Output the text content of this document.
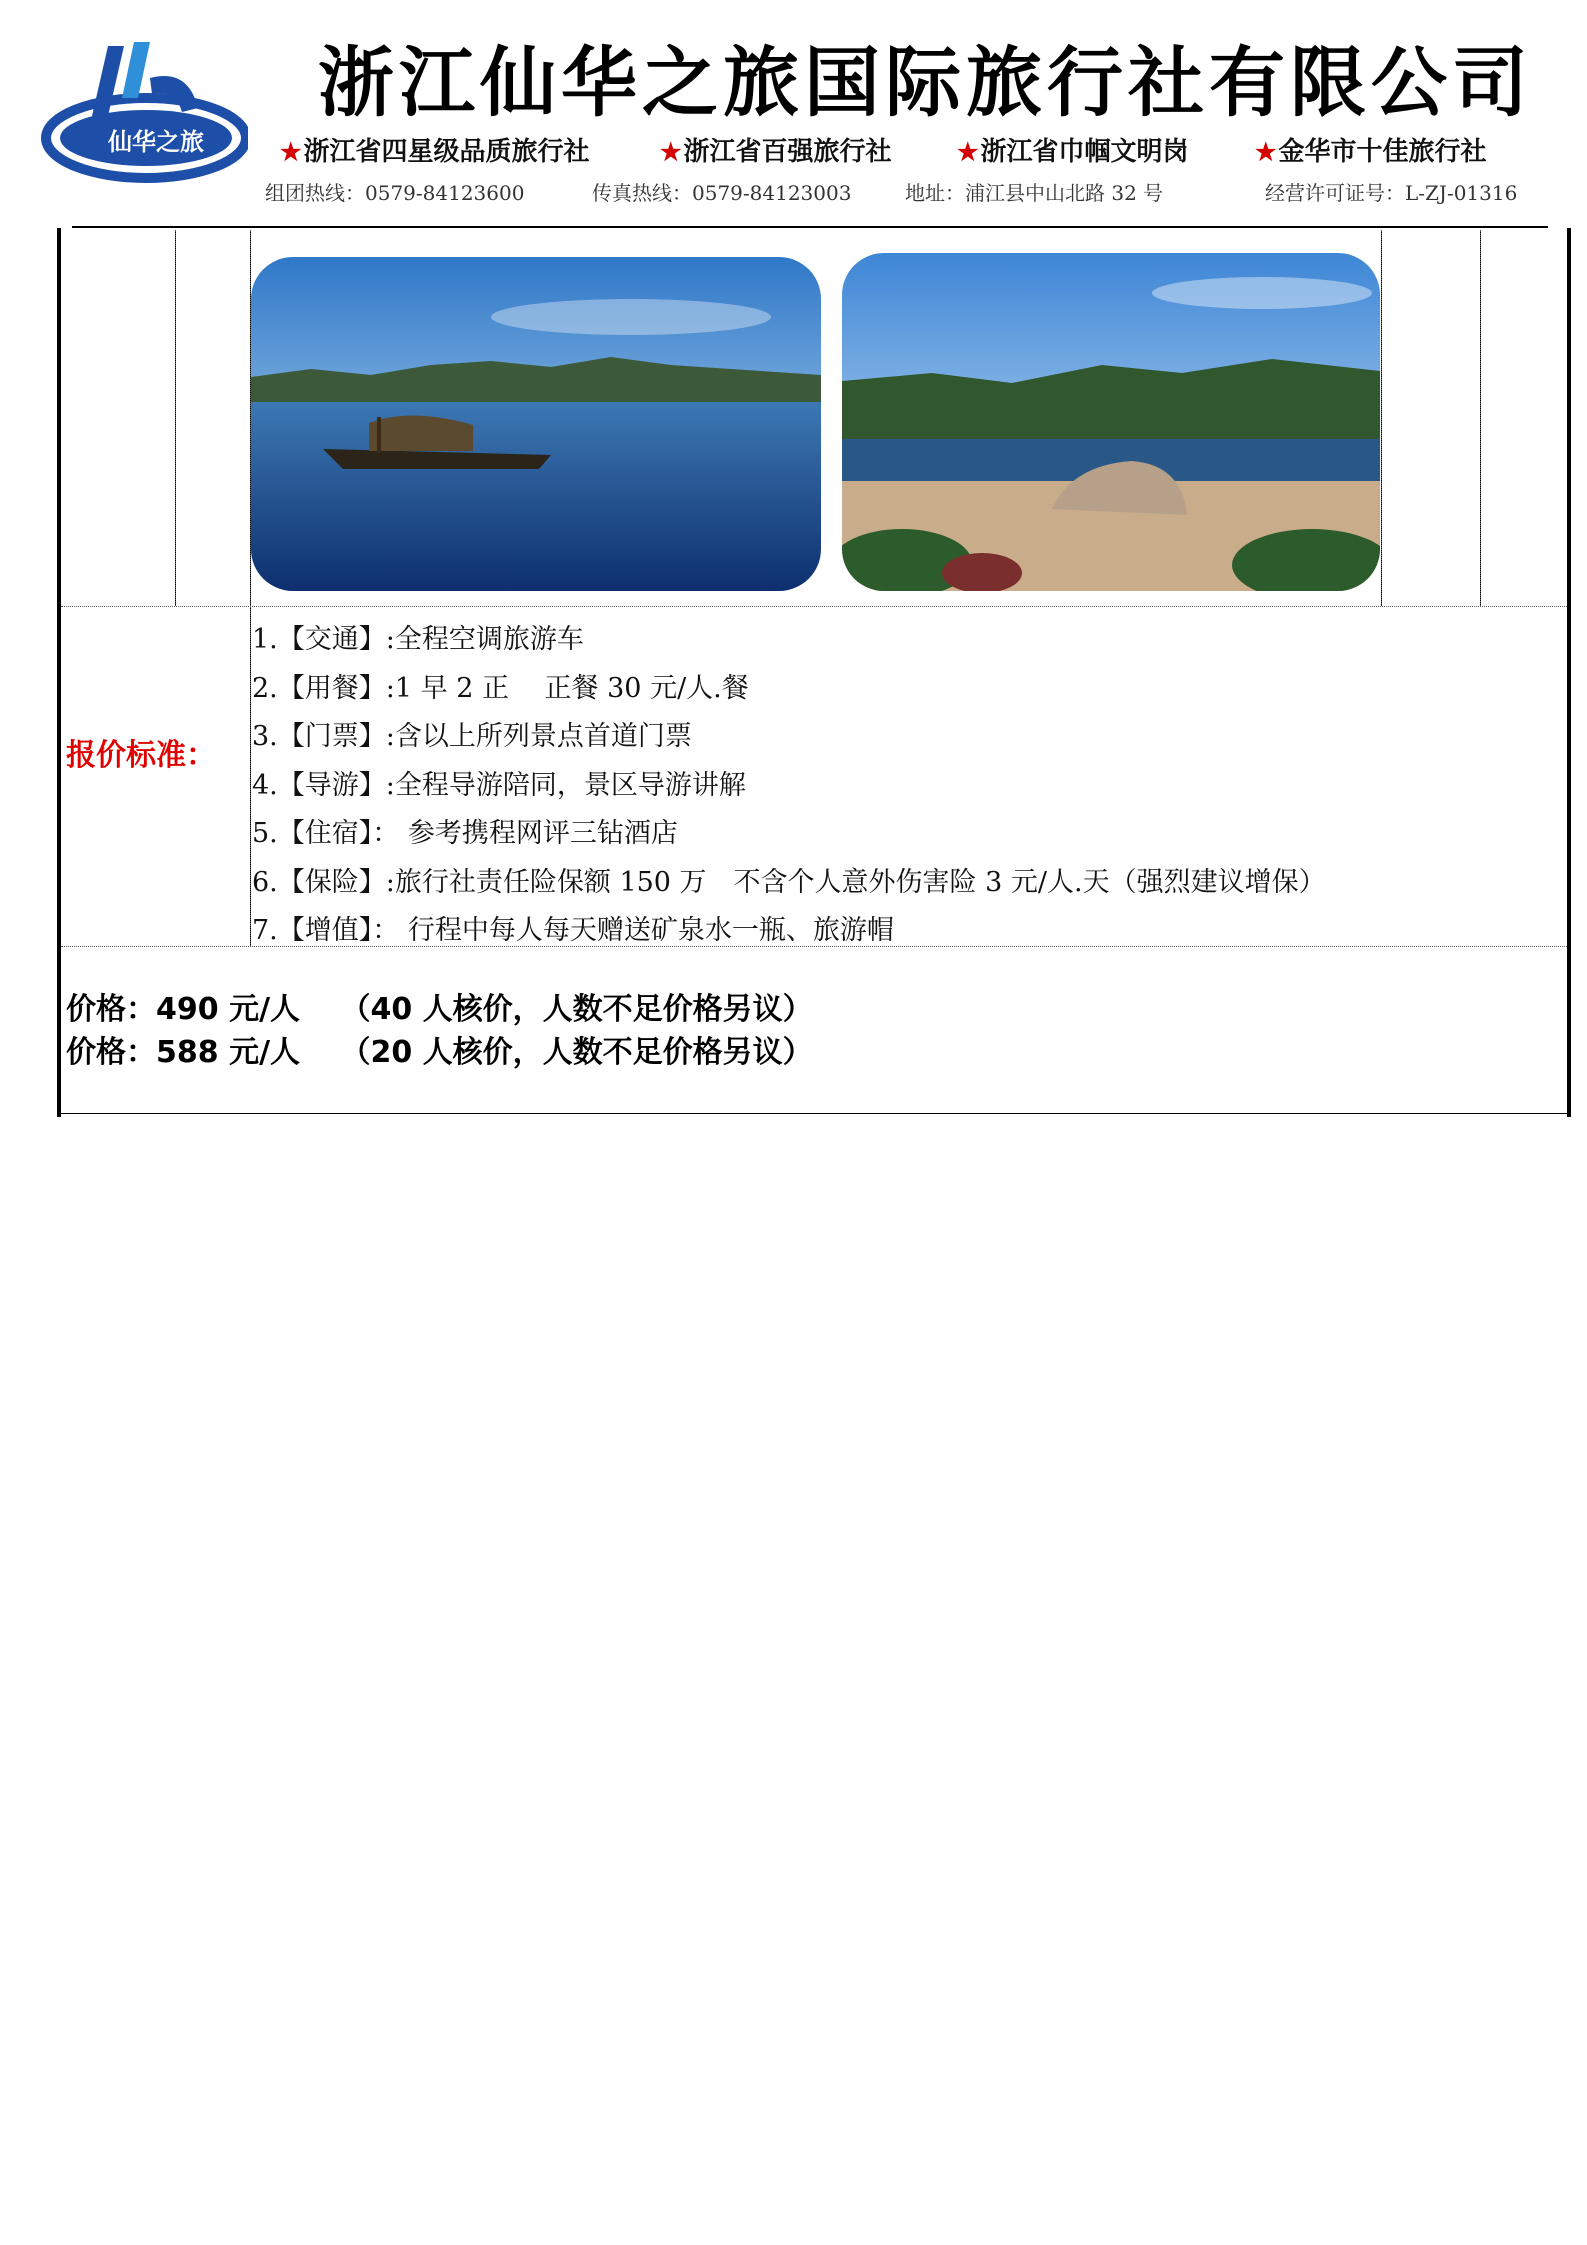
仙华之旅
浙江仙华之旅国际旅行社有限公司
★浙江省四星级品质旅行社	★浙江省百强旅行社	★浙江省巾帼文明岗	★金华市十佳旅行社
组团热线：0579-84123600	传真热线：0579-84123003	地址：浦江县中山北路 32 号	经营许可证号：L-ZJ-01316
报价标准：
1.【交通】:全程空调旅游车
2.【用餐】:1 早 2 正　 正餐 30 元/人.餐
3.【门票】:含以上所列景点首道门票
4.【导游】:全程导游陪同，景区导游讲解
5.【住宿】： 参考携程网评三钻酒店
6.【保险】:旅行社责任险保额 150 万　不含个人意外伤害险 3 元/人.天（强烈建议增保）
7.【增值】： 行程中每人每天赠送矿泉水一瓶、旅游帽
价格：490 元/人　 （40 人核价，人数不足价格另议）
价格：588 元/人　 （20 人核价，人数不足价格另议）
